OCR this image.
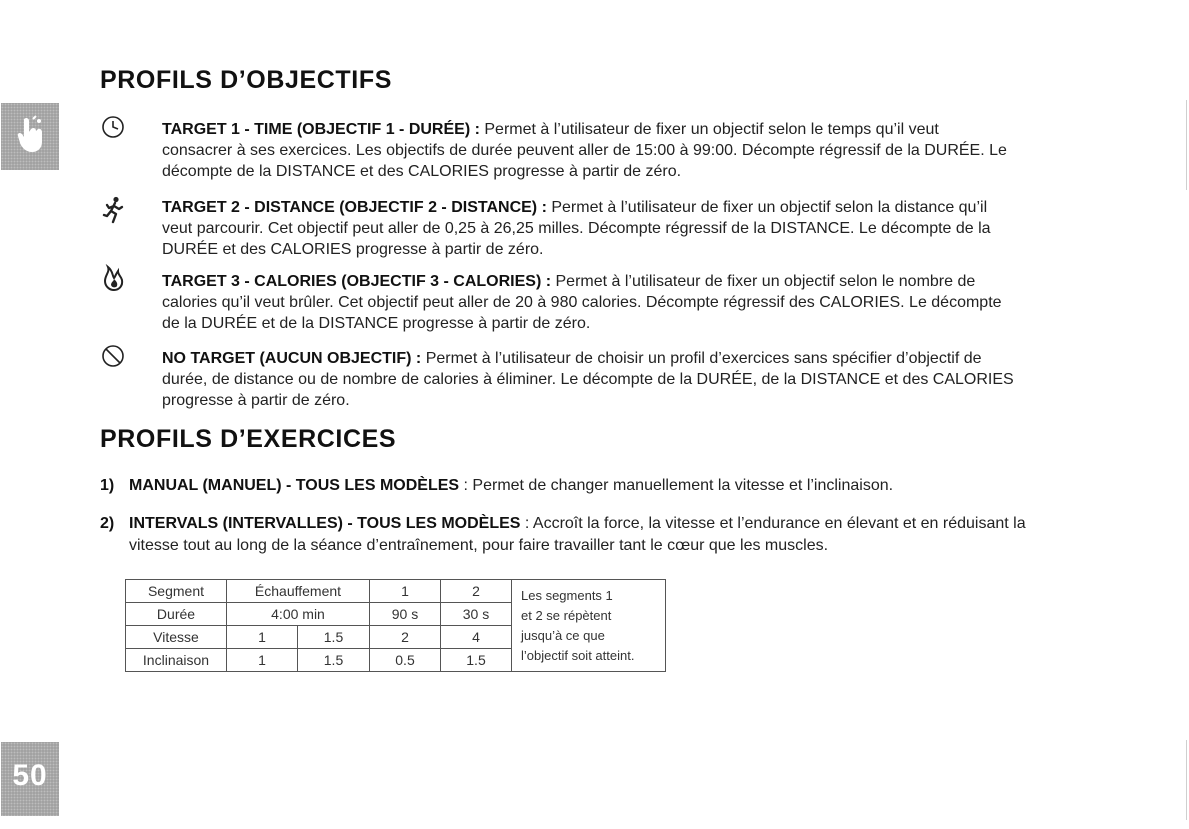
50
PROFILS D’OBJECTIFS
TARGET 1 - TIME (OBJECTIF 1 - DURÉE) : Permet à l’utilisateur de fixer un objectif selon le temps qu’il veut
consacrer à ses exercices. Les objectifs de durée peuvent aller de 15:00 à 99:00. Décompte régressif de la DURÉE. Le
décompte de la DISTANCE et des CALORIES progresse à partir de zéro.
TARGET 2 - DISTANCE (OBJECTIF 2 - DISTANCE) : Permet à l’utilisateur de fixer un objectif selon la distance qu’il
veut parcourir. Cet objectif peut aller de 0,25 à 26,25 milles. Décompte régressif de la DISTANCE. Le décompte de la
DURÉE et des CALORIES progresse à partir de zéro.
TARGET 3 - CALORIES (OBJECTIF 3 - CALORIES) : Permet à l’utilisateur de fixer un objectif selon le nombre de
calories qu’il veut brûler. Cet objectif peut aller de 20 à 980 calories. Décompte régressif des CALORIES. Le décompte
de la DURÉE et de la DISTANCE progresse à partir de zéro.
NO TARGET (AUCUN OBJECTIF) : Permet à l’utilisateur de choisir un profil d’exercices sans spécifier d’objectif de
durée, de distance ou de nombre de calories à éliminer. Le décompte de la DURÉE, de la DISTANCE et des CALORIES
progresse à partir de zéro.
PROFILS D’EXERCICES
1) MANUAL (MANUEL) - TOUS LES MODÈLES : Permet de changer manuellement la vitesse et l’inclinaison.
2) INTERVALS (INTERVALLES) - TOUS LES MODÈLES : Accroît la force, la vitesse et l’endurance en élevant et en réduisant la
vitesse tout au long de la séance d’entraînement, pour faire travailler tant le cœur que les muscles.
Segment	Échauffement		1	2	Les segments 1
et 2 se répètent
jusqu’à ce que
l’objectif soit atteint.

Durée	4:00 min		90 s	30 s	
Vitesse	1	1.5	2	4	
Inclinaison	1	1.5	0.5	1.5	
